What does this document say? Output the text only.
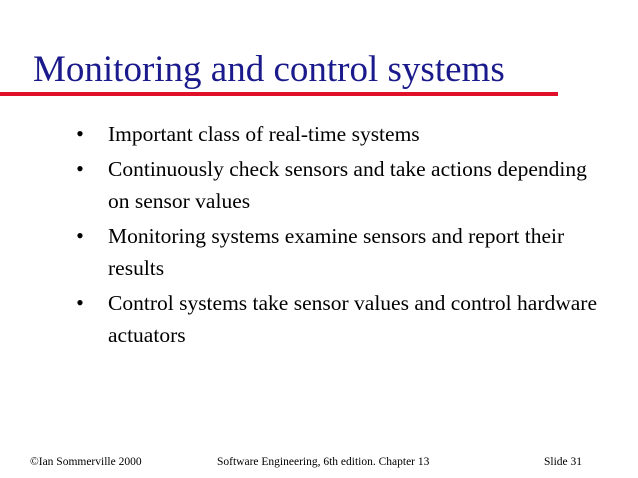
Monitoring and control systems
• Important class of real-time systems
• Continuously check sensors and take actions depending on sensor values
• Monitoring systems examine sensors and report their results
• Control systems take sensor values and control hardware actuators
©Ian Sommerville 2000	Software Engineering, 6th edition. Chapter 13	Slide 31
